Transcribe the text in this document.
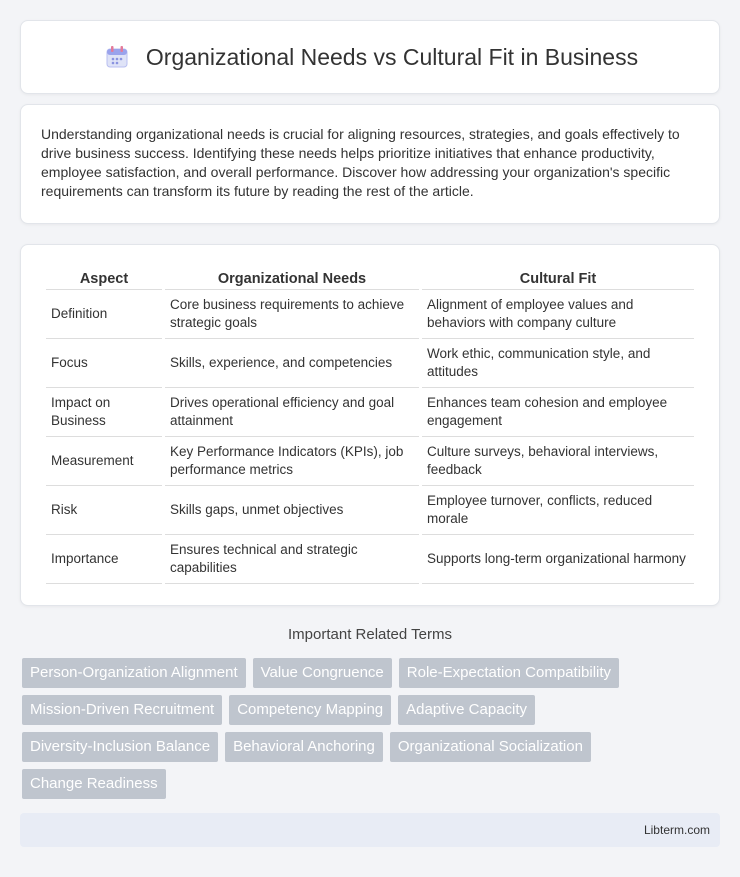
Organizational Needs vs Cultural Fit in Business

Understanding organizational needs is crucial for aligning resources, strategies, and goals effectively to drive business success. Identifying these needs helps prioritize initiatives that enhance productivity, employee satisfaction, and overall performance. Discover how addressing your organization's specific requirements can transform its future by reading the rest of the article.

Aspect	Organizational Needs	Cultural Fit
Definition	Core business requirements to achieve strategic goals	Alignment of employee values and behaviors with company culture
Focus	Skills, experience, and competencies	Work ethic, communication style, and attitudes
Impact on Business	Drives operational efficiency and goal attainment	Enhances team cohesion and employee engagement
Measurement	Key Performance Indicators (KPIs), job performance metrics	Culture surveys, behavioral interviews, feedback
Risk	Skills gaps, unmet objectives	Employee turnover, conflicts, reduced morale
Importance	Ensures technical and strategic capabilities	Supports long-term organizational harmony
Important Related Terms
Person-Organization Alignment	Value Congruence	Role-Expectation Compatibility
Mission-Driven Recruitment	Competency Mapping	Adaptive Capacity
Diversity-Inclusion Balance	Behavioral Anchoring	Organizational Socialization
Change Readiness
Libterm.com
